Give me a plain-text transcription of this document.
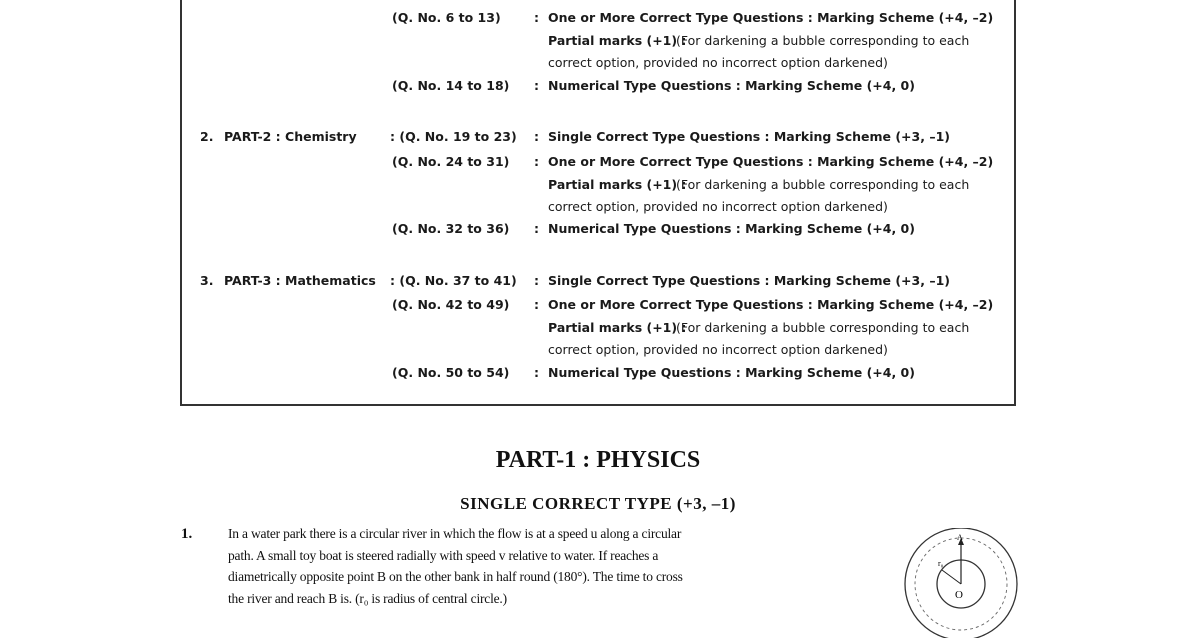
(Q. No. 6 to 13)	: One or More Correct Type Questions : Marking Scheme (+4, –2)
Partial marks (+1) :
(For darkening a bubble corresponding to each
correct option, provided no incorrect option darkened)
(Q. No. 14 to 18) : Numerical Type Questions : Marking Scheme (+4, 0)
2. PART-2 : Chemistry	: (Q. No. 19 to 23) : Single Correct Type Questions : Marking Scheme (+3, –1)
(Q. No. 24 to 31) : One or More Correct Type Questions : Marking Scheme (+4, –2)
Partial marks (+1) :
(For darkening a bubble corresponding to each
correct option, provided no incorrect option darkened)
(Q. No. 32 to 36) : Numerical Type Questions : Marking Scheme (+4, 0)
3. PART-3 : Mathematics : (Q. No. 37 to 41) : Single Correct Type Questions : Marking Scheme (+3, –1)
(Q. No. 42 to 49) : One or More Correct Type Questions : Marking Scheme (+4, –2)
Partial marks (+1) :
(For darkening a bubble corresponding to each
correct option, provided no incorrect option darkened)
(Q. No. 50 to 54) : Numerical Type Questions : Marking Scheme (+4, 0)
PART-1 : PHYSICS
SINGLE CORRECT TYPE (+3, –1)
1.	In a water park there is a circular river in which the flow is at a speed u along a circular
path. A small toy boat is steered radially with speed v relative to water. If reaches a
diametrically opposite point B on the other bank in half round (180°). The time to cross
the river and reach B is. (r₀ is radius of central circle.)
A
O
r₀
